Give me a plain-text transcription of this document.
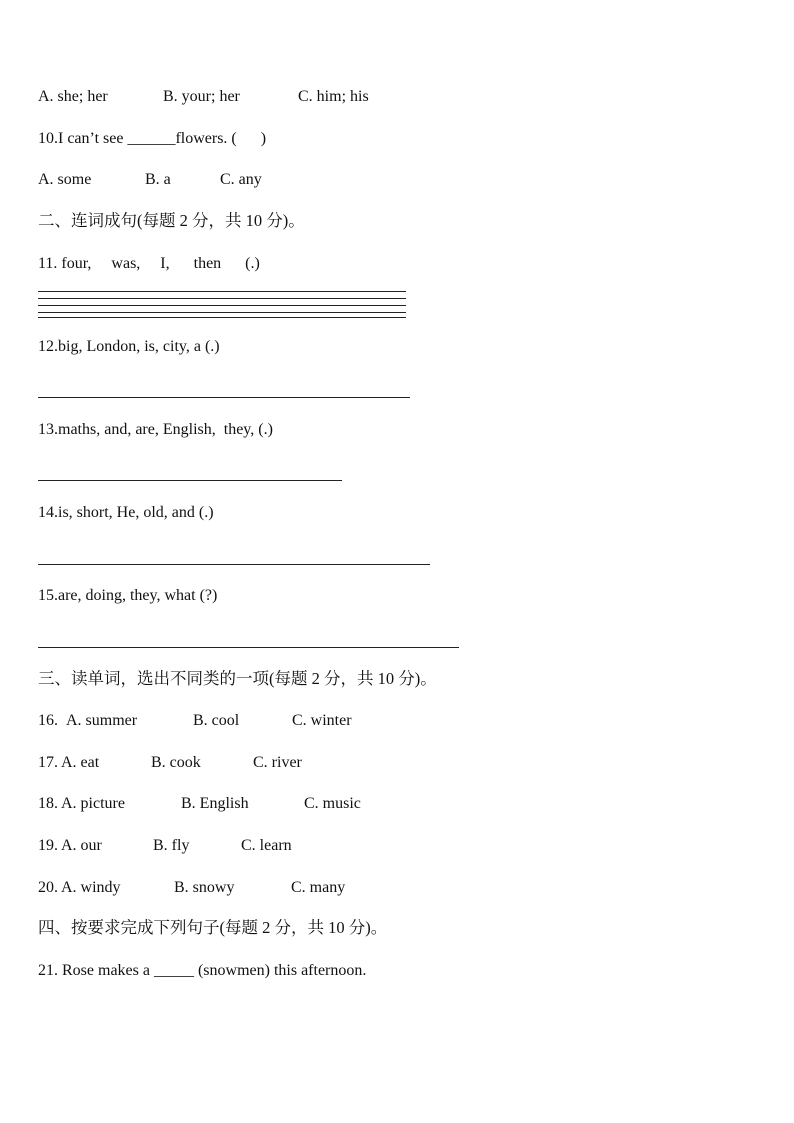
A. she; her	B. your; her	C. him; his
10.I can’t see ______flowers. (      )
A. some	B. a	C. any
二、连词成句(每题 2 分，共 10 分)。
11. four,     was,     I,      then      (.)
12.big, London, is, city, a (.)
13.maths, and, are, English,  they, (.)
14.is, short, He, old, and (.)
15.are, doing, they, what (?)
三、读单词，选出不同类的一项(每题 2 分，共 10 分)。
16. A. summer	B. cool	C. winter
17. A. eat	B. cook	C. river
18. A. picture	B. English	C. music
19. A. our	B. fly	C. learn
20. A. windy	B. snowy	C. many
四、按要求完成下列句子(每题 2 分，共 10 分)。
21. Rose makes a _____ (snowmen) this afternoon.
